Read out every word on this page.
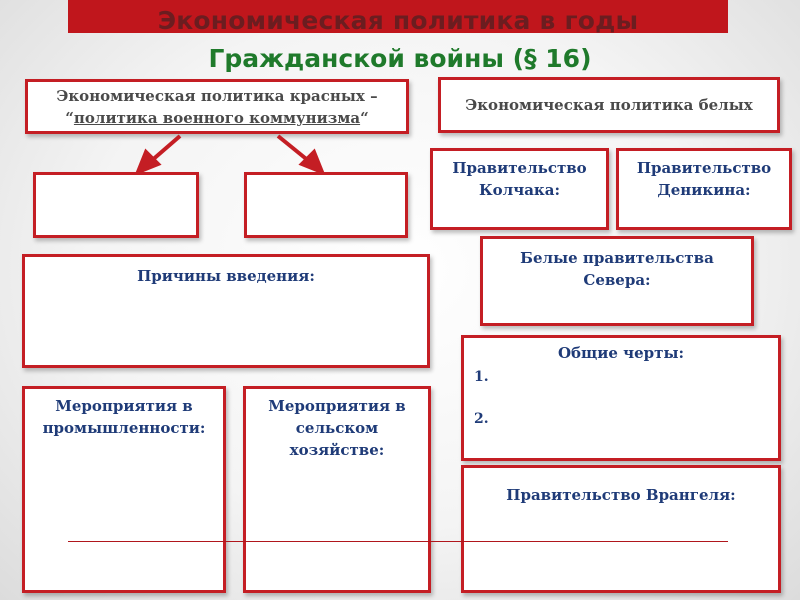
Экономическая политика в годы
Гражданской войны (§ 16)
Экономическая политика красных –
“политика военного коммунизма“
Причины введения:
Мероприятия в
промышленности:
Мероприятия в
сельском
хозяйстве:
Экономическая политика белых
Правительство
Колчака:
Правительство
Деникина:
Белые правительства
Севера:
Общие черты:
1.
2.
Правительство Врангеля:
